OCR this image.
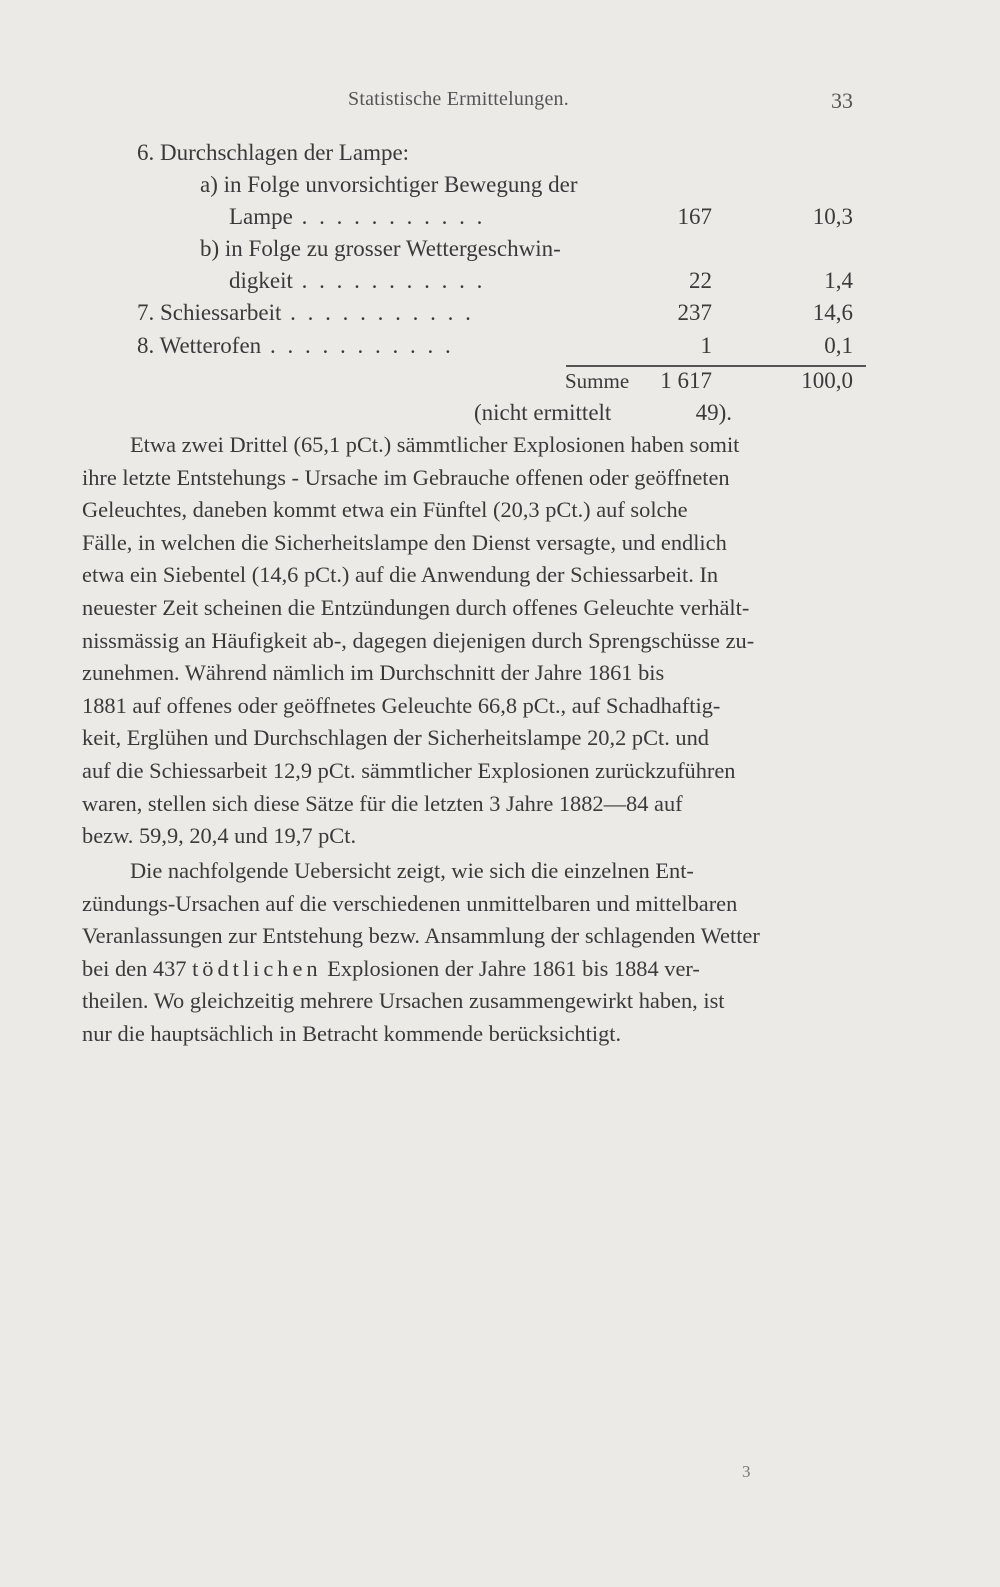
Statistische Ermittelungen.	33
6. Durchschlagen der Lampe:
a) in Folge unvorsichtiger Bewegung der
Lampe . . . . . . . . . . .	167	10,3
b) in Folge zu grosser Wettergeschwin-
digkeit . . . . . . . . . . .	22	1,4
7. Schiessarbeit . . . . . . . . . . .	237	14,6
8. Wetterofen . . . . . . . . . . .	1	0,1
Summe	1 617	100,0
(nicht ermittelt	49).

Etwa zwei Drittel (65,1 pCt.) sämmtlicher Explosionen haben somit
ihre letzte Entstehungs - Ursache im Gebrauche offenen oder geöffneten
Geleuchtes, daneben kommt etwa ein Fünftel (20,3 pCt.) auf solche
Fälle, in welchen die Sicherheitslampe den Dienst versagte, und endlich
etwa ein Siebentel (14,6 pCt.) auf die Anwendung der Schiessarbeit. In
neuester Zeit scheinen die Entzündungen durch offenes Geleuchte verhält-
nissmässig an Häufigkeit ab-, dagegen diejenigen durch Sprengschüsse zu-
zunehmen. Während nämlich im Durchschnitt der Jahre 1861 bis
1881 auf offenes oder geöffnetes Geleuchte 66,8 pCt., auf Schadhaftig-
keit, Erglühen und Durchschlagen der Sicherheitslampe 20,2 pCt. und
auf die Schiessarbeit 12,9 pCt. sämmtlicher Explosionen zurückzuführen
waren, stellen sich diese Sätze für die letzten 3 Jahre 1882—84 auf
bezw. 59,9, 20,4 und 19,7 pCt.

Die nachfolgende Uebersicht zeigt, wie sich die einzelnen Ent-
zündungs-Ursachen auf die verschiedenen unmittelbaren und mittelbaren
Veranlassungen zur Entstehung bezw. Ansammlung der schlagenden Wetter
bei den 437 tödtlichen Explosionen der Jahre 1861 bis 1884 ver-
theilen. Wo gleichzeitig mehrere Ursachen zusammengewirkt haben, ist
nur die hauptsächlich in Betracht kommende berücksichtigt.

3
